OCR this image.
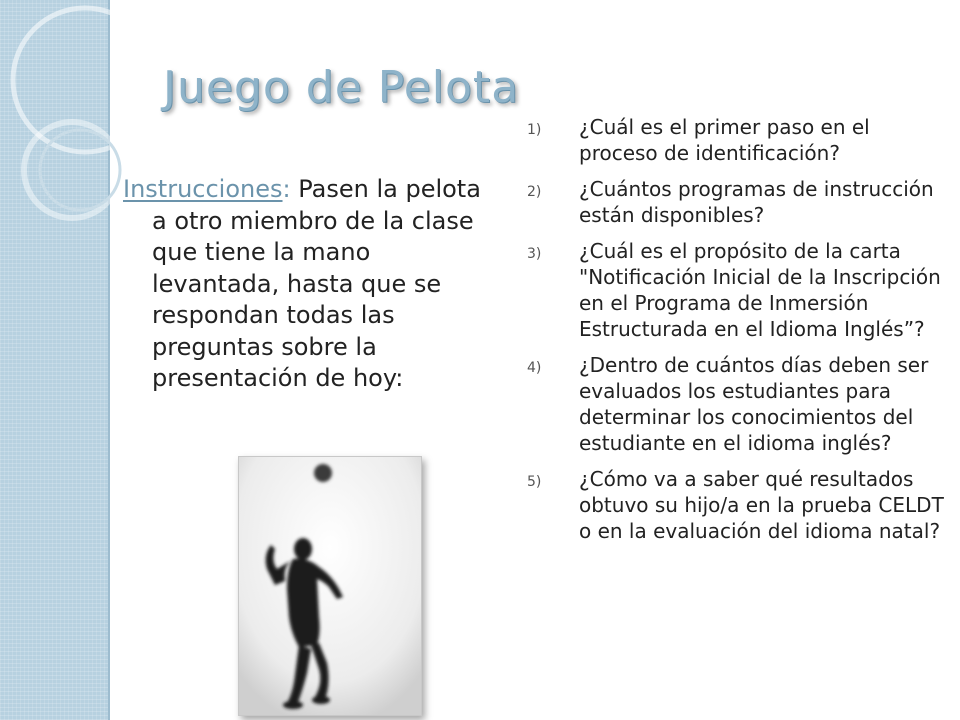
Juego de Pelota

Instrucciones: Pasen la pelota a otro miembro de la clase que tiene la mano levantada, hasta que se respondan todas las preguntas sobre la presentación de hoy:

1)	¿Cuál es el primer paso en el proceso de identificación?
2)	¿Cuántos programas de instrucción están disponibles?
3)	¿Cuál es el propósito de la carta "Notificación Inicial de la Inscripción en el Programa de Inmersión Estructurada en el Idioma Inglés”?
4)	¿Dentro de cuántos días deben ser evaluados los estudiantes para determinar los conocimientos del estudiante en el idioma inglés?
5)	¿Cómo va a saber qué resultados obtuvo su hijo/a en la prueba CELDT o en la evaluación del idioma natal?
